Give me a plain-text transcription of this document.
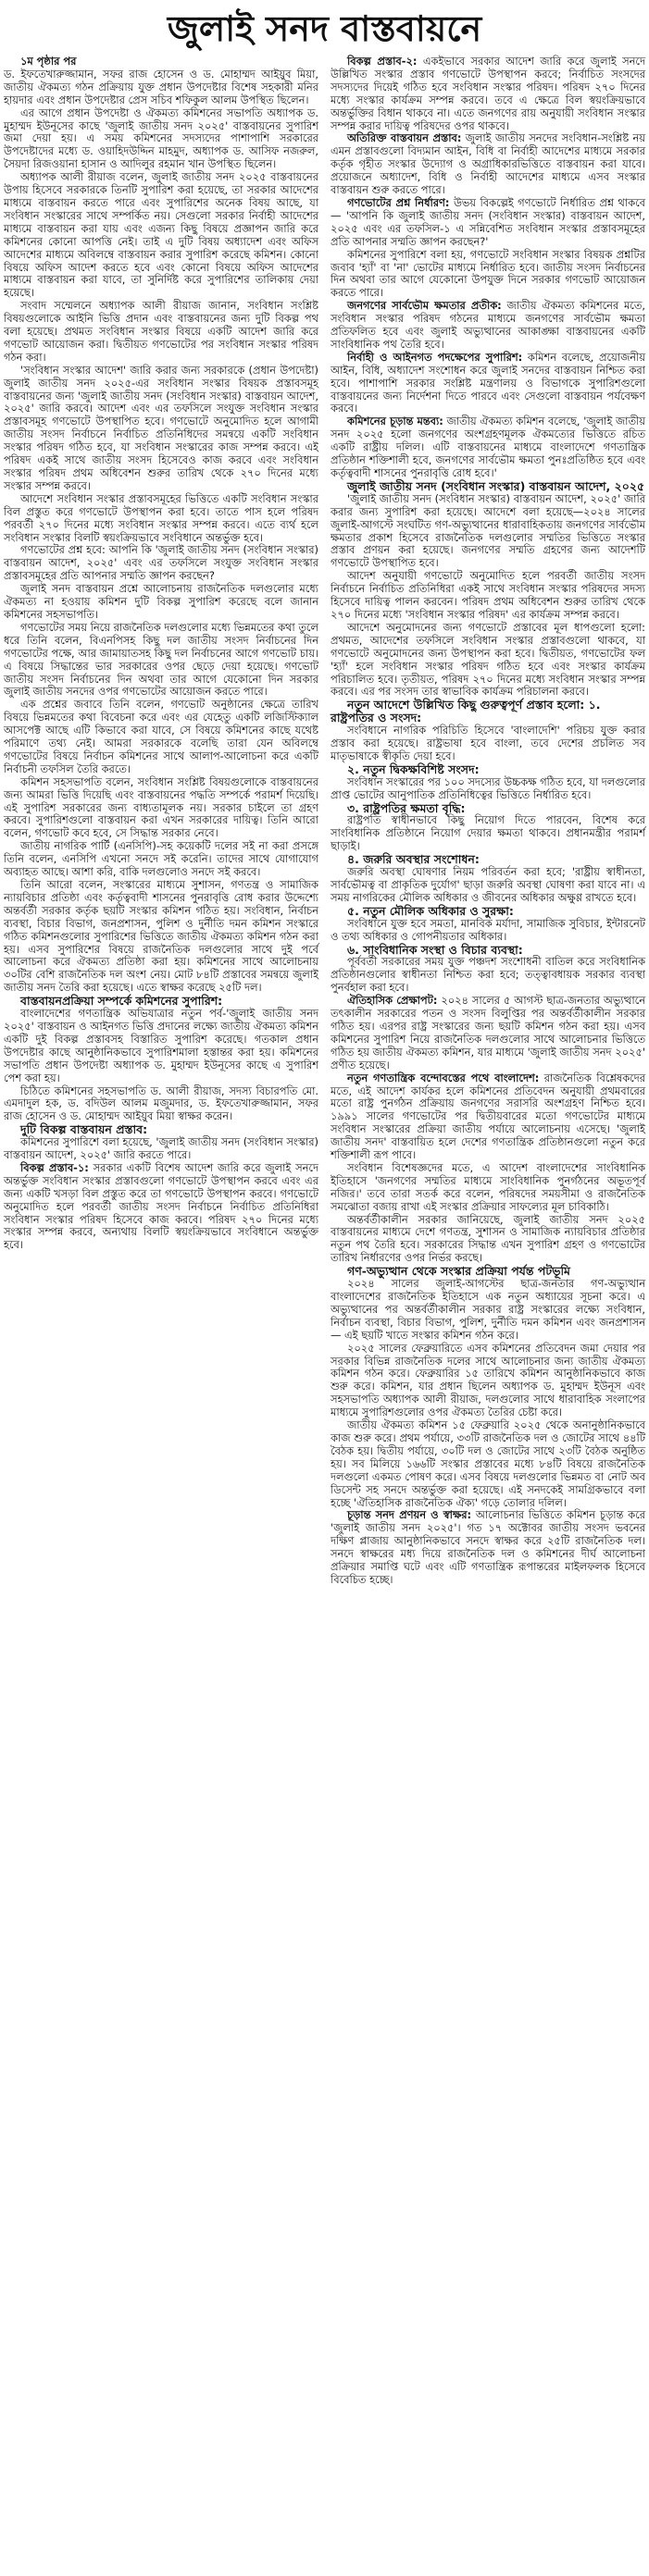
জুলাই সনদ বাস্তবায়নে

১ম পৃষ্ঠার পর

ড. ইফতেখারুজ্জামান, সফর রাজ হোসেন ও ড. মোহাম্মদ আইয়ুব মিয়া, জাতীয় ঐকমত্য গঠন প্রক্রিয়ায় যুক্ত প্রধান উপদেষ্টার বিশেষ সহকারী মনির হায়দার এবং প্রধান উপদেষ্টার প্রেস সচিব শফিকুল আলম উপস্থিত ছিলেন।

এর আগে প্রধান উপদেষ্টা ও ঐকমত্য কমিশনের সভাপতি অধ্যাপক ড. মুহাম্মদ ইউনূসের কাছে 'জুলাই জাতীয় সনদ ২০২৫' বাস্তবায়নের সুপারিশ জমা দেয়া হয়। এ সময় কমিশনের সদস্যদের পাশাপাশি সরকারের উপদেষ্টাদের মধ্যে ড. ওয়াহিদউদ্দিন মাহমুদ, অধ্যাপক ড. আসিফ নজরুল, সৈয়দা রিজওয়ানা হাসান ও আদিলুর রহমান খান উপস্থিত ছিলেন।

অধ্যাপক আলী রীয়াজ বলেন, জুলাই জাতীয় সনদ ২০২৫ বাস্তবায়নের উপায় হিসেবে সরকারকে তিনটি সুপারিশ করা হয়েছে, তা সরকার আদেশের মাধ্যমে বাস্তবায়ন করতে পারে এবং সুপারিশের অনেক বিষয় আছে, যা সংবিধান সংস্কারের সাথে সম্পর্কিত নয়। সেগুলো সরকার নির্বাহী আদেশের মাধ্যমে বাস্তবায়ন করা যায় এবং এজন্য কিছু বিষয়ে প্রজ্ঞাপন জারি করে কমিশনের কোনো আপত্তি নেই। তাই এ দুটি বিষয় অধ্যাদেশ এবং অফিস আদেশের মাধ্যমে অবিলম্বে বাস্তবায়ন করার সুপারিশ করেছে কমিশন। কোনো বিষয়ে অফিস আদেশ করতে হবে এবং কোনো বিষয়ে অফিস আদেশের মাধ্যমে বাস্তবায়ন করা যাবে, তা সুনির্দিষ্ট করে সুপারিশের তালিকায় দেয়া হয়েছে।

সংবাদ সম্মেলনে অধ্যাপক আলী রীয়াজ জানান, সংবিধান সংশ্লিষ্ট বিষয়গুলোকে আইনি ভিত্তি প্রদান এবং বাস্তবায়নের জন্য দুটি বিকল্প পথ বলা হয়েছে। প্রথমত সংবিধান সংস্কার বিষয়ে একটি আদেশ জারি করে গণভোট আয়োজন করা। দ্বিতীয়ত গণভোটের পর সংবিধান সংস্কার পরিষদ গঠন করা।

'সংবিধান সংস্কার আদেশ' জারি করার জন্য সরকারকে (প্রধান উপদেষ্টা) জুলাই জাতীয় সনদ ২০২৫-এর সংবিধান সংস্কার বিষয়ক প্রস্তাবসমূহ বাস্তবায়নের জন্য 'জুলাই জাতীয় সনদ (সংবিধান সংস্কার) বাস্তবায়ন আদেশ, ২০২৫' জারি করবে। আদেশ এবং এর তফসিলে সংযুক্ত সংবিধান সংস্কার প্রস্তাবসমূহ গণভোটে উপস্থাপিত হবে। গণভোটে অনুমোদিত হলে আগামী জাতীয় সংসদ নির্বাচনে নির্বাচিত প্রতিনিধিদের সমন্বয়ে একটি সংবিধান সংস্কার পরিষদ গঠিত হবে, যা সংবিধান সংস্কারের কাজ সম্পন্ন করবে। এই পরিষদ একই সাথে জাতীয় সংসদ হিসেবেও কাজ করবে এবং সংবিধান সংস্কার পরিষদ প্রথম অধিবেশন শুরুর তারিখ থেকে ২৭০ দিনের মধ্যে সংস্কার সম্পন্ন করবে।

আদেশে সংবিধান সংস্কার প্রস্তাবসমূহের ভিত্তিতে একটি সংবিধান সংস্কার বিল প্রস্তুত করে গণভোটে উপস্থাপন করা হবে। তাতে পাস হলে পরিষদ পরবর্তী ২৭০ দিনের মধ্যে সংবিধান সংস্কার সম্পন্ন করবে। এতে ব্যর্থ হলে সংবিধান সংস্কার বিলটি স্বয়ংক্রিয়ভাবে সংবিধানে অন্তর্ভুক্ত হবে।

গণভোটের প্রশ্ন হবে: আপনি কি 'জুলাই জাতীয় সনদ (সংবিধান সংস্কার) বাস্তবায়ন আদেশ, ২০২৫' এবং এর তফসিলে সংযুক্ত সংবিধান সংস্কার প্রস্তাবসমূহের প্রতি আপনার সম্মতি জ্ঞাপন করছেন?

জুলাই সনদ বাস্তবায়ন প্রশ্নে আলোচনায় রাজনৈতিক দলগুলোর মধ্যে ঐকমত্য না হওয়ায় কমিশন দুটি বিকল্প সুপারিশ করেছে বলে জানান কমিশনের সহসভাপতি।

গণভোটের সময় নিয়ে রাজনৈতিক দলগুলোর মধ্যে ভিন্নমতের কথা তুলে ধরে তিনি বলেন, বিএনপিসহ কিছু দল জাতীয় সংসদ নির্বাচনের দিন গণভোটের পক্ষে, আর জামায়াতসহ কিছু দল নির্বাচনের আগে গণভোট চায়। এ বিষয়ে সিদ্ধান্তের ভার সরকারের ওপর ছেড়ে দেয়া হয়েছে। গণভোট জাতীয় সংসদ নির্বাচনের দিন অথবা তার আগে যেকোনো দিন সরকার জুলাই জাতীয় সনদের ওপর গণভোটের আয়োজন করতে পারে।

এক প্রশ্নের জবাবে তিনি বলেন, গণভোট অনুষ্ঠানের ক্ষেত্রে তারিখ বিষয়ে ভিন্নমতের কথা বিবেচনা করে এবং এর যেহেতু একটি লজিস্টিক্যাল আসপেক্ট আছে এটি কিভাবে করা যাবে, সে বিষয়ে কমিশনের কাছে যথেষ্ট পরিমাণে তথ্য নেই। আমরা সরকারকে বলেছি তারা যেন অবিলম্বে গণভোটের বিষয়ে নির্বাচন কমিশনের সাথে আলাপ-আলোচনা করে একটি নির্বাচনী তফসিল তৈরি করতে।

কমিশন সহসভাপতি বলেন, সংবিধান সংশ্লিষ্ট বিষয়গুলোকে বাস্তবায়নের জন্য আমরা ভিত্তি দিয়েছি এবং বাস্তবায়নের পদ্ধতি সম্পর্কে পরামর্শ দিয়েছি। এই সুপারিশ সরকারের জন্য বাধ্যতামূলক নয়। সরকার চাইলে তা গ্রহণ করবে। সুপারিশগুলো বাস্তবায়ন করা এখন সরকারের দায়িত্ব। তিনি আরো বলেন, গণভোট কবে হবে, সে সিদ্ধান্ত সরকার নেবে।

জাতীয় নাগরিক পার্টি (এনসিপি)-সহ কয়েকটি দলের সই না করা প্রসঙ্গে তিনি বলেন, এনসিপি এখনো সনদে সই করেনি। তাদের সাথে যোগাযোগ অব্যাহত আছে। আশা করি, বাকি দলগুলোও সনদে সই করবে।

তিনি আরো বলেন, সংস্কারের মাধ্যমে সুশাসন, গণতন্ত্র ও সামাজিক ন্যায়বিচার প্রতিষ্ঠা এবং কর্তৃত্ববাদী শাসনের পুনরাবৃত্তি রোধ করার উদ্দেশ্যে অন্তর্বর্তী সরকার কর্তৃক ছয়টি সংস্কার কমিশন গঠিত হয়। সংবিধান, নির্বাচন ব্যবস্থা, বিচার বিভাগ, জনপ্রশাসন, পুলিশ ও দুর্নীতি দমন কমিশন সংস্কারে গঠিত কমিশনগুলোর সুপারিশের ভিত্তিতে জাতীয় ঐকমত্য কমিশন গঠন করা হয়। এসব সুপারিশের বিষয়ে রাজনৈতিক দলগুলোর সাথে দুই পর্বে আলোচনা করে ঐকমত্য প্রতিষ্ঠা করা হয়। কমিশনের সাথে আলোচনায় ৩০টির বেশি রাজনৈতিক দল অংশ নেয়। মোট ৮৪টি প্রস্তাবের সমন্বয়ে জুলাই জাতীয় সনদ তৈরি করা হয়েছে। এতে স্বাক্ষর করেছে ২৫টি দল।

বাস্তবায়নপ্রক্রিয়া সম্পর্কে কমিশনের সুপারিশ:

বাংলাদেশের গণতান্ত্রিক অভিযাত্রার নতুন পর্ব-'জুলাই জাতীয় সনদ ২০২৫' বাস্তবায়ন ও আইনগত ভিত্তি প্রদানের লক্ষ্যে জাতীয় ঐকমত্য কমিশন একটি দুই বিকল্প প্রস্তাবসহ বিস্তারিত সুপারিশ করেছে। গতকাল প্রধান উপদেষ্টার কাছে আনুষ্ঠানিকভাবে সুপারিশমালা হস্তান্তর করা হয়। কমিশনের সভাপতি প্রধান উপদেষ্টা অধ্যাপক ড. মুহাম্মদ ইউনূসের কাছে এ সুপারিশ পেশ করা হয়।

চিঠিতে কমিশনের সহসভাপতি ড. আলী রীয়াজ, সদস্য বিচারপতি মো. এমদাদুল হক, ড. বদিউল আলম মজুমদার, ড. ইফতেখারুজ্জামান, সফর রাজ হোসেন ও ড. মোহাম্মদ আইয়ুব মিয়া স্বাক্ষর করেন।

দুটি বিকল্প বাস্তবায়ন প্রস্তাব:

কমিশনের সুপারিশে বলা হয়েছে, 'জুলাই জাতীয় সনদ (সংবিধান সংস্কার) বাস্তবায়ন আদেশ, ২০২৫' জারি করতে পারে।

বিকল্প প্রস্তাব-১: সরকার একটি বিশেষ আদেশ জারি করে জুলাই সনদে অন্তর্ভুক্ত সংবিধান সংস্কার প্রস্তাবগুলো গণভোটে উপস্থাপন করবে এবং এর জন্য একটি খসড়া বিল প্রস্তুত করে তা গণভোটে উপস্থাপন করবে। গণভোটে অনুমোদিত হলে পরবর্তী জাতীয় সংসদ নির্বাচনে নির্বাচিত প্রতিনিধিরা সংবিধান সংস্কার পরিষদ হিসেবে কাজ করবে। পরিষদ ২৭০ দিনের মধ্যে সংস্কার সম্পন্ন করবে, অন্যথায় বিলটি স্বয়ংক্রিয়ভাবে সংবিধানে অন্তর্ভুক্ত হবে।

বিকল্প প্রস্তাব-২: একইভাবে সরকার আদেশ জারি করে জুলাই সনদে উল্লিখিত সংস্কার প্রস্তাব গণভোটে উপস্থাপন করবে; নির্বাচিত সংসদের সদস্যদের দিয়েই গঠিত হবে সংবিধান সংস্কার পরিষদ। পরিষদ ২৭০ দিনের মধ্যে সংস্কার কার্যক্রম সম্পন্ন করবে। তবে এ ক্ষেত্রে বিল স্বয়ংক্রিয়ভাবে অন্তর্ভুক্তির বিধান থাকবে না। এতে জনগণের রায় অনুযায়ী সংবিধান সংস্কার সম্পন্ন করার দায়িত্ব পরিষদের ওপর থাকবে।

অতিরিক্ত বাস্তবায়ন প্রস্তাব: জুলাই জাতীয় সনদের সংবিধান-সংশ্লিষ্ট নয় এমন প্রস্তাবগুলো বিদ্যমান আইন, বিধি বা নির্বাহী আদেশের মাধ্যমে সরকার কর্তৃক গৃহীত সংস্কার উদ্যোগ ও অগ্রাধিকারভিত্তিতে বাস্তবায়ন করা যাবে। প্রয়োজনে অধ্যাদেশ, বিধি ও নির্বাহী আদেশের মাধ্যমে এসব সংস্কার বাস্তবায়ন শুরু করতে পারে।

গণভোটের প্রশ্ন নির্ধারণ: উভয় বিকল্পেই গণভোটে নির্ধারিত প্রশ্ন থাকবে— 'আপনি কি জুলাই জাতীয় সনদ (সংবিধান সংস্কার) বাস্তবায়ন আদেশ, ২০২৫ এবং এর তফসিল-১ এ সন্নিবেশিত সংবিধান সংস্কার প্রস্তাবসমূহের প্রতি আপনার সম্মতি জ্ঞাপন করছেন?'

কমিশনের সুপারিশে বলা হয়, গণভোটে সংবিধান সংস্কার বিষয়ক প্রশ্নটির জবাব 'হ্যাঁ' বা 'না' ভোটের মাধ্যমে নির্ধারিত হবে। জাতীয় সংসদ নির্বাচনের দিন অথবা তার আগে যেকোনো উপযুক্ত দিনে সরকার গণভোট আয়োজন করতে পারে।

জনগণের সার্বভৌম ক্ষমতার প্রতীক: জাতীয় ঐকমত্য কমিশনের মতে, সংবিধান সংস্কার পরিষদ গঠনের মাধ্যমে জনগণের সার্বভৌম ক্ষমতা প্রতিফলিত হবে এবং জুলাই অভ্যুত্থানের আকাঙ্ক্ষা বাস্তবায়নের একটি সাংবিধানিক পথ তৈরি হবে।

নির্বাহী ও আইনগত পদক্ষেপের সুপারিশ: কমিশন বলেছে, প্রয়োজনীয় আইন, বিধি, অধ্যাদেশ সংশোধন করে জুলাই সনদের বাস্তবায়ন নিশ্চিত করা হবে। পাশাপাশি সরকার সংশ্লিষ্ট মন্ত্রণালয় ও বিভাগকে সুপারিশগুলো বাস্তবায়নের জন্য নির্দেশনা দিতে পারবে এবং সেগুলো বাস্তবায়ন পর্যবেক্ষণ করবে।

কমিশনের চূড়ান্ত মন্তব্য: জাতীয় ঐকমত্য কমিশন বলেছে, 'জুলাই জাতীয় সনদ ২০২৫ হলো জনগণের অংশগ্রহণমূলক ঐকমত্যের ভিত্তিতে রচিত একটি রাষ্ট্রীয় দলিল। এটি বাস্তবায়নের মাধ্যমে বাংলাদেশে গণতান্ত্রিক প্রতিষ্ঠান শক্তিশালী হবে, জনগণের সার্বভৌম ক্ষমতা পুনঃপ্রতিষ্ঠিত হবে এবং কর্তৃত্ববাদী শাসনের পুনরাবৃত্তি রোধ হবে।'

জুলাই জাতীয় সনদ (সংবিধান সংস্কার) বাস্তবায়ন আদেশ, ২০২৫

'জুলাই জাতীয় সনদ (সংবিধান সংস্কার) বাস্তবায়ন আদেশ, ২০২৫' জারি করার জন্য সুপারিশ করা হয়েছে। আদেশে বলা হয়েছে—২০২৪ সালের জুলাই-আগস্টে সংঘটিত গণ-অভ্যুত্থানের ধারাবাহিকতায় জনগণের সার্বভৌম ক্ষমতার প্রকাশ হিসেবে রাজনৈতিক দলগুলোর সম্মতির ভিত্তিতে সংস্কার প্রস্তাব প্রণয়ন করা হয়েছে। জনগণের সম্মতি গ্রহণের জন্য আদেশটি গণভোটে উপস্থাপিত হবে।

আদেশ অনুযায়ী গণভোটে অনুমোদিত হলে পরবর্তী জাতীয় সংসদ নির্বাচনে নির্বাচিত প্রতিনিধিরা একই সাথে সংবিধান সংস্কার পরিষদের সদস্য হিসেবে দায়িত্ব পালন করবেন। পরিষদ প্রথম অধিবেশন শুরুর তারিখ থেকে ২৭০ দিনের মধ্যে 'সংবিধান সংস্কার পরিষদ' এর কার্যক্রম সম্পন্ন করবে।

আদেশে অনুমোদনের জন্য গণভোটে প্রস্তাবের মূল ধাপগুলো হলো: প্রথমত, আদেশের তফসিলে সংবিধান সংস্কার প্রস্তাবগুলো থাকবে, যা গণভোটে অনুমোদনের জন্য উপস্থাপন করা হবে। দ্বিতীয়ত, গণভোটের ফল 'হ্যাঁ' হলে সংবিধান সংস্কার পরিষদ গঠিত হবে এবং সংস্কার কার্যক্রম পরিচালিত হবে। তৃতীয়ত, পরিষদ ২৭০ দিনের মধ্যে সংবিধান সংস্কার সম্পন্ন করবে। এর পর সংসদ তার স্বাভাবিক কার্যক্রম পরিচালনা করবে।

নতুন আদেশে উল্লিখিত কিছু গুরুত্বপূর্ণ প্রস্তাব হলো: ১. রাষ্ট্রপতির ও সংসদ:

সংবিধানে নাগরিক পরিচিতি হিসেবে 'বাংলাদেশি' পরিচয় যুক্ত করার প্রস্তাব করা হয়েছে। রাষ্ট্রভাষা হবে বাংলা, তবে দেশের প্রচলিত সব মাতৃভাষাকে স্বীকৃতি দেয়া হবে।

২. নতুন দ্বিকক্ষবিশিষ্ট সংসদ:

সংবিধান সংস্কারের পর ১০০ সদস্যের উচ্চকক্ষ গঠিত হবে, যা দলগুলোর প্রাপ্ত ভোটের আনুপাতিক প্রতিনিধিত্বের ভিত্তিতে নির্ধারিত হবে।

৩. রাষ্ট্রপতির ক্ষমতা বৃদ্ধি:

রাষ্ট্রপতি স্বাধীনভাবে কিছু নিয়োগ দিতে পারবেন, বিশেষ করে সাংবিধানিক প্রতিষ্ঠানে নিয়োগ দেয়ার ক্ষমতা থাকবে। প্রধানমন্ত্রীর পরামর্শ ছাড়াই।

৪. জরুরি অবস্থার সংশোধন:

জরুরি অবস্থা ঘোষণার নিয়ম পরিবর্তন করা হবে; 'রাষ্ট্রীয় স্বাধীনতা, সার্বভৌমত্ব বা প্রাকৃতিক দুর্যোগ' ছাড়া জরুরি অবস্থা ঘোষণা করা যাবে না। এ সময় নাগরিকের মৌলিক অধিকার ও জীবনের অধিকার অক্ষুণ্ণ রাখতে হবে।

৫. নতুন মৌলিক অধিকার ও সুরক্ষা:

সংবিধানে যুক্ত হবে সমতা, মানবিক মর্যাদা, সামাজিক সুবিচার, ইন্টারনেট ও তথ্য অধিকার ও গোপনীয়তার অধিকার।

৬. সাংবিধানিক সংস্থা ও বিচার ব্যবস্থা:

পূর্ববর্তী সরকারের সময় যুক্ত পঞ্চদশ সংশোধনী বাতিল করে সংবিধানিক প্রতিষ্ঠানগুলোর স্বাধীনতা নিশ্চিত করা হবে; তত্ত্বাবধায়ক সরকার ব্যবস্থা পুনর্বহাল করা হবে।

ঐতিহাসিক প্রেক্ষাপট: ২০২৪ সালের ৫ আগস্ট ছাত্র-জনতার অভ্যুত্থানে তৎকালীন সরকারের পতন ও সংসদ বিলুপ্তির পর অন্তর্বর্তীকালীন সরকার গঠিত হয়। এরপর রাষ্ট্র সংস্কারের জন্য ছয়টি কমিশন গঠন করা হয়। এসব কমিশনের সুপারিশ নিয়ে রাজনৈতিক দলগুলোর সাথে আলোচনার ভিত্তিতে গঠিত হয় জাতীয় ঐকমত্য কমিশন, যার মাধ্যমে 'জুলাই জাতীয় সনদ ২০২৫' প্রণীত হয়েছে।

নতুন গণতান্ত্রিক বন্দোবস্তের পথে বাংলাদেশ: রাজনৈতিক বিশ্লেষকদের মতে, এই আদেশ কার্যকর হলে কমিশনের প্রতিবেদন অনুযায়ী প্রথমবারের মতো রাষ্ট্র পুনর্গঠন প্রক্রিয়ায় জনগণের সরাসরি অংশগ্রহণ নিশ্চিত হবে। ১৯৯১ সালের গণভোটের পর দ্বিতীয়বারের মতো গণভোটের মাধ্যমে সংবিধান সংস্কারের প্রক্রিয়া জাতীয় পর্যায়ে আলোচনায় এসেছে। 'জুলাই জাতীয় সনদ' বাস্তবায়িত হলে দেশের গণতান্ত্রিক প্রতিষ্ঠানগুলো নতুন করে শক্তিশালী রূপ পাবে।

সংবিধান বিশেষজ্ঞদের মতে, এ আদেশ বাংলাদেশের সাংবিধানিক ইতিহাসে 'জনগণের সম্মতির মাধ্যমে সাংবিধানিক পুনর্গঠনের অভূতপূর্ব নজির।' তবে তারা সতর্ক করে বলেন, পরিষদের সময়সীমা ও রাজনৈতিক সমঝোতা বজায় রাখা এই সংস্কার প্রক্রিয়ার সাফল্যের মূল চাবিকাঠি।

অন্তর্বর্তীকালীন সরকার জানিয়েছে, জুলাই জাতীয় সনদ ২০২৫ বাস্তবায়নের মাধ্যমে দেশে গণতন্ত্র, সুশাসন ও সামাজিক ন্যায়বিচার প্রতিষ্ঠার নতুন পথ তৈরি হবে। সরকারের সিদ্ধান্ত এখন সুপারিশ গ্রহণ ও গণভোটের তারিখ নির্ধারণের ওপর নির্ভর করছে।

গণ-অভ্যুত্থান থেকে সংস্কার প্রক্রিয়া পর্যন্ত পটভূমি

২০২৪ সালের জুলাই-আগস্টের ছাত্র-জনতার গণ-অভ্যুত্থান বাংলাদেশের রাজনৈতিক ইতিহাসে এক নতুন অধ্যায়ের সূচনা করে। এ অভ্যুত্থানের পর অন্তর্বর্তীকালীন সরকার রাষ্ট্র সংস্কারের লক্ষ্যে সংবিধান, নির্বাচন ব্যবস্থা, বিচার বিভাগ, পুলিশ, দুর্নীতি দমন কমিশন এবং জনপ্রশাসন— এই ছয়টি খাতে সংস্কার কমিশন গঠন করে।

২০২৫ সালের ফেব্রুয়ারিতে এসব কমিশনের প্রতিবেদন জমা দেয়ার পর সরকার বিভিন্ন রাজনৈতিক দলের সাথে আলোচনার জন্য জাতীয় ঐকমত্য কমিশন গঠন করে। ফেব্রুয়ারির ১৫ তারিখে কমিশন আনুষ্ঠানিকভাবে কাজ শুরু করে। কমিশন, যার প্রধান ছিলেন অধ্যাপক ড. মুহাম্মদ ইউনূস এবং সহসভাপতি অধ্যাপক আলী রীয়াজ, দলগুলোর সাথে ধারাবাহিক সংলাপের মাধ্যমে সুপারিশগুলোর ওপর ঐকমত্য তৈরির চেষ্টা করে।

জাতীয় ঐকমত্য কমিশন ১৫ ফেব্রুয়ারি ২০২৫ থেকে অনানুষ্ঠানিকভাবে কাজ শুরু করে। প্রথম পর্যায়ে, ৩৩টি রাজনৈতিক দল ও জোটের সাথে ৪৪টি বৈঠক হয়। দ্বিতীয় পর্যায়ে, ৩০টি দল ও জোটের সাথে ২৩টি বৈঠক অনুষ্ঠিত হয়। সব মিলিয়ে ১৬৬টি সংস্কার প্রস্তাবের মধ্যে ৮৪টি বিষয়ে রাজনৈতিক দলগুলো একমত পোষণ করে। এসব বিষয়ে দলগুলোর ভিন্নমত বা নোট অব ডিসেন্ট সহ সনদে অন্তর্ভুক্ত করা হয়েছে। এই সনদকেই সামগ্রিকভাবে বলা হচ্ছে 'ঐতিহাসিক রাজনৈতিক ঐক্য' গড়ে তোলার দলিল।

চূড়ান্ত সনদ প্রণয়ন ও স্বাক্ষর: আলোচনার ভিত্তিতে কমিশন চূড়ান্ত করে 'জুলাই জাতীয় সনদ ২০২৫'। গত ১৭ অক্টোবর জাতীয় সংসদ ভবনের দক্ষিণ প্লাজায় আনুষ্ঠানিকভাবে সনদে স্বাক্ষর করে ২৫টি রাজনৈতিক দল। সনদে স্বাক্ষরের মধ্য দিয়ে রাজনৈতিক দল ও কমিশনের দীর্ঘ আলোচনা প্রক্রিয়ার সমাপ্তি ঘটে এবং এটি গণতান্ত্রিক রূপান্তরের মাইলফলক হিসেবে বিবেচিত হচ্ছে।
